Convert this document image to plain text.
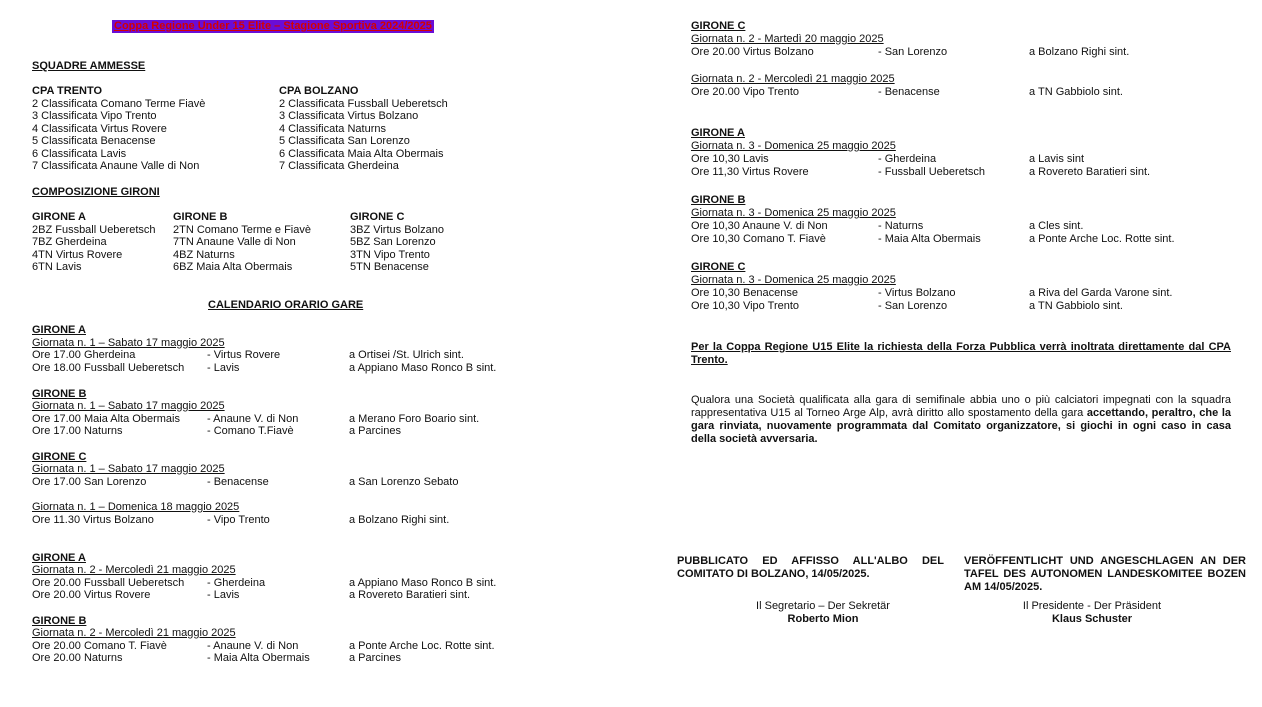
Coppa Regione Under 15 Elite – Stagione Sportiva 2024/2025
SQUADRE AMMESSE
CPA TRENTO
2 Classificata Comano Terme Fiavè
3 Classificata Vipo Trento
4 Classificata Virtus Rovere
5 Classificata Benacense
6 Classificata Lavis
7 Classificata Anaune Valle di Non
CPA BOLZANO
2 Classificata Fussball Ueberetsch
3 Classificata Virtus Bolzano
4 Classificata Naturns
5 Classificata San Lorenzo
6 Classificata Maia Alta Obermais
7 Classificata Gherdeina
COMPOSIZIONE GIRONI
GIRONE A
2BZ Fussball Ueberetsch
7BZ Gherdeina
4TN Virtus Rovere
6TN Lavis
GIRONE B
2TN Comano Terme e Fiavè
7TN Anaune Valle di Non
4BZ Naturns
6BZ Maia Alta Obermais
GIRONE C
3BZ Virtus Bolzano
5BZ San Lorenzo
3TN Vipo Trento
5TN Benacense
CALENDARIO ORARIO GARE
GIRONE A
Giornata n. 1 – Sabato 17 maggio 2025
Ore 17.00 Gherdeina	- Virtus Rovere	a Ortisei /St. Ulrich sint.
Ore 18.00 Fussball Ueberetsch - Lavis	a Appiano Maso Ronco B sint.
GIRONE B
Giornata n. 1 – Sabato 17 maggio 2025
Ore 17.00 Maia Alta Obermais - Anaune V. di Non	a Merano Foro Boario sint.
Ore 17.00 Naturns	- Comano T.Fiavè	a Parcines
GIRONE C
Giornata n. 1 – Sabato 17 maggio 2025
Ore 17.00 San Lorenzo	- Benacense	a San Lorenzo Sebato
Giornata n. 1 – Domenica 18 maggio 2025
Ore 11.30 Virtus Bolzano	- Vipo Trento	a Bolzano Righi sint.
GIRONE A
Giornata n. 2 - Mercoledì 21 maggio 2025
Ore 20.00 Fussball Ueberetsch - Gherdeina	a Appiano Maso Ronco B sint.
Ore 20.00 Virtus Rovere	- Lavis	a Rovereto Baratieri sint.
GIRONE B
Giornata n. 2 - Mercoledì 21 maggio 2025
Ore 20.00 Comano T. Fiavè	- Anaune V. di Non	a Ponte Arche Loc. Rotte sint.
Ore 20.00 Naturns	- Maia Alta Obermais	a Parcines
GIRONE C
Giornata n. 2 - Martedì 20 maggio 2025
Ore 20.00 Virtus Bolzano	- San Lorenzo	a Bolzano Righi sint.
Giornata n. 2 - Mercoledì 21 maggio 2025
Ore 20.00 Vipo Trento	- Benacense	a TN Gabbiolo sint.
GIRONE A
Giornata n. 3 - Domenica 25 maggio 2025
Ore 10,30 Lavis	- Gherdeina	a Lavis sint
Ore 11,30 Virtus Rovere	- Fussball Ueberetsch	a Rovereto Baratieri sint.
GIRONE B
Giornata n. 3 - Domenica 25 maggio 2025
Ore 10,30 Anaune V. di Non	- Naturns	a Cles sint.
Ore 10,30 Comano T. Fiavè	- Maia Alta Obermais	a Ponte Arche Loc. Rotte sint.
GIRONE C
Giornata n. 3 - Domenica 25 maggio 2025
Ore 10,30 Benacense	- Virtus Bolzano	a Riva del Garda Varone sint.
Ore 10,30 Vipo Trento	- San Lorenzo	a TN Gabbiolo sint.
Per la Coppa Regione U15 Elite la richiesta della Forza Pubblica verrà inoltrata direttamente dal CPA Trento.
Qualora una Società qualificata alla gara di semifinale abbia uno o più calciatori impegnati con la squadra rappresentativa U15 al Torneo Arge Alp, avrà diritto allo spostamento della gara accettando, peraltro, che la gara rinviata, nuovamente programmata dal Comitato organizzatore, si giochi in ogni caso in casa della società avversaria.
PUBBLICATO ED AFFISSO ALL'ALBO DEL COMITATO DI BOLZANO, 14/05/2025.
VERÖFFENTLICHT UND ANGESCHLAGEN AN DER TAFEL DES AUTONOMEN LANDESKOMITEE BOZEN AM 14/05/2025.
Il Segretario – Der Sekretär
Roberto Mion
Il Presidente - Der Präsident
Klaus Schuster
